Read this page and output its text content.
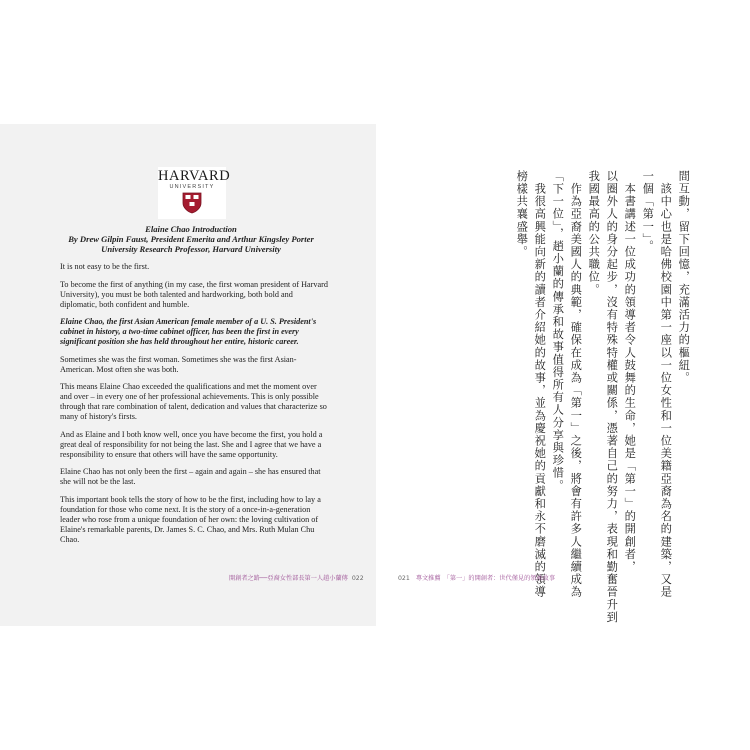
HARVARD
UNIVERSITY
Elaine Chao Introduction
By Drew Gilpin Faust, President Emerita and Arthur Kingsley Porter University Research Professor, Harvard University

It is not easy to be the first.

To become the first of anything (in my case, the first woman president of Harvard University), you must be both talented and hardworking, both bold and diplomatic, both confident and humble.

Elaine Chao, the first Asian American female member of a U. S. President's cabinet in history, a two-time cabinet officer, has been the first in every significant position she has held throughout her entire, historic career.

Sometimes she was the first woman. Sometimes she was the first Asian-American. Most often she was both.

This means Elaine Chao exceeded the qualifications and met the moment over and over – in every one of her professional achievements. This is only possible through that rare combination of talent, dedication and values that characterize so many of history's firsts.

And as Elaine and I both know well, once you have become the first, you hold a great deal of responsibility for not being the last. She and I agree that we have a responsibility to ensure that others will have the same opportunity.

Elaine Chao has not only been the first – again and again – she has ensured that she will not be the last.

This important book tells the story of how to be the first, including how to lay a foundation for those who come next. It is the story of a once-in-a-generation leader who rose from a unique foundation of her own: the loving cultivation of Elaine's remarkable parents, Dr. James S. C. Chao, and Mrs. Ruth Mulan Chu Chao.

開創者之路──亞裔女性部長第一人趙小蘭傳 022
間互動，留下回憶，充滿活力的樞紐。
　該中心也是哈佛校園中第一座以一位女性和一位美籍亞裔為名的建築，又是
一個「第一」。
　本書講述一位成功的領導者令人鼓舞的生命，她是「第一」的開創者，
以圈外人的身分起步，沒有特殊特權或關係，憑著自己的努力，表現和勤奮晉升到
我國最高的公共職位。
　作為亞裔美國人的典範，確保在成為「第一」之後，將會有許多人繼續成為
「下一位」，趙小蘭的傳承和故事值得所有人分享與珍惜。
　我很高興能向新的讀者介紹她的故事，並為慶祝她的貢獻和永不磨滅的領導
榜樣共襄盛舉。
021 專文推薦　「第一」的開創者：世代僅見的領袖故事
